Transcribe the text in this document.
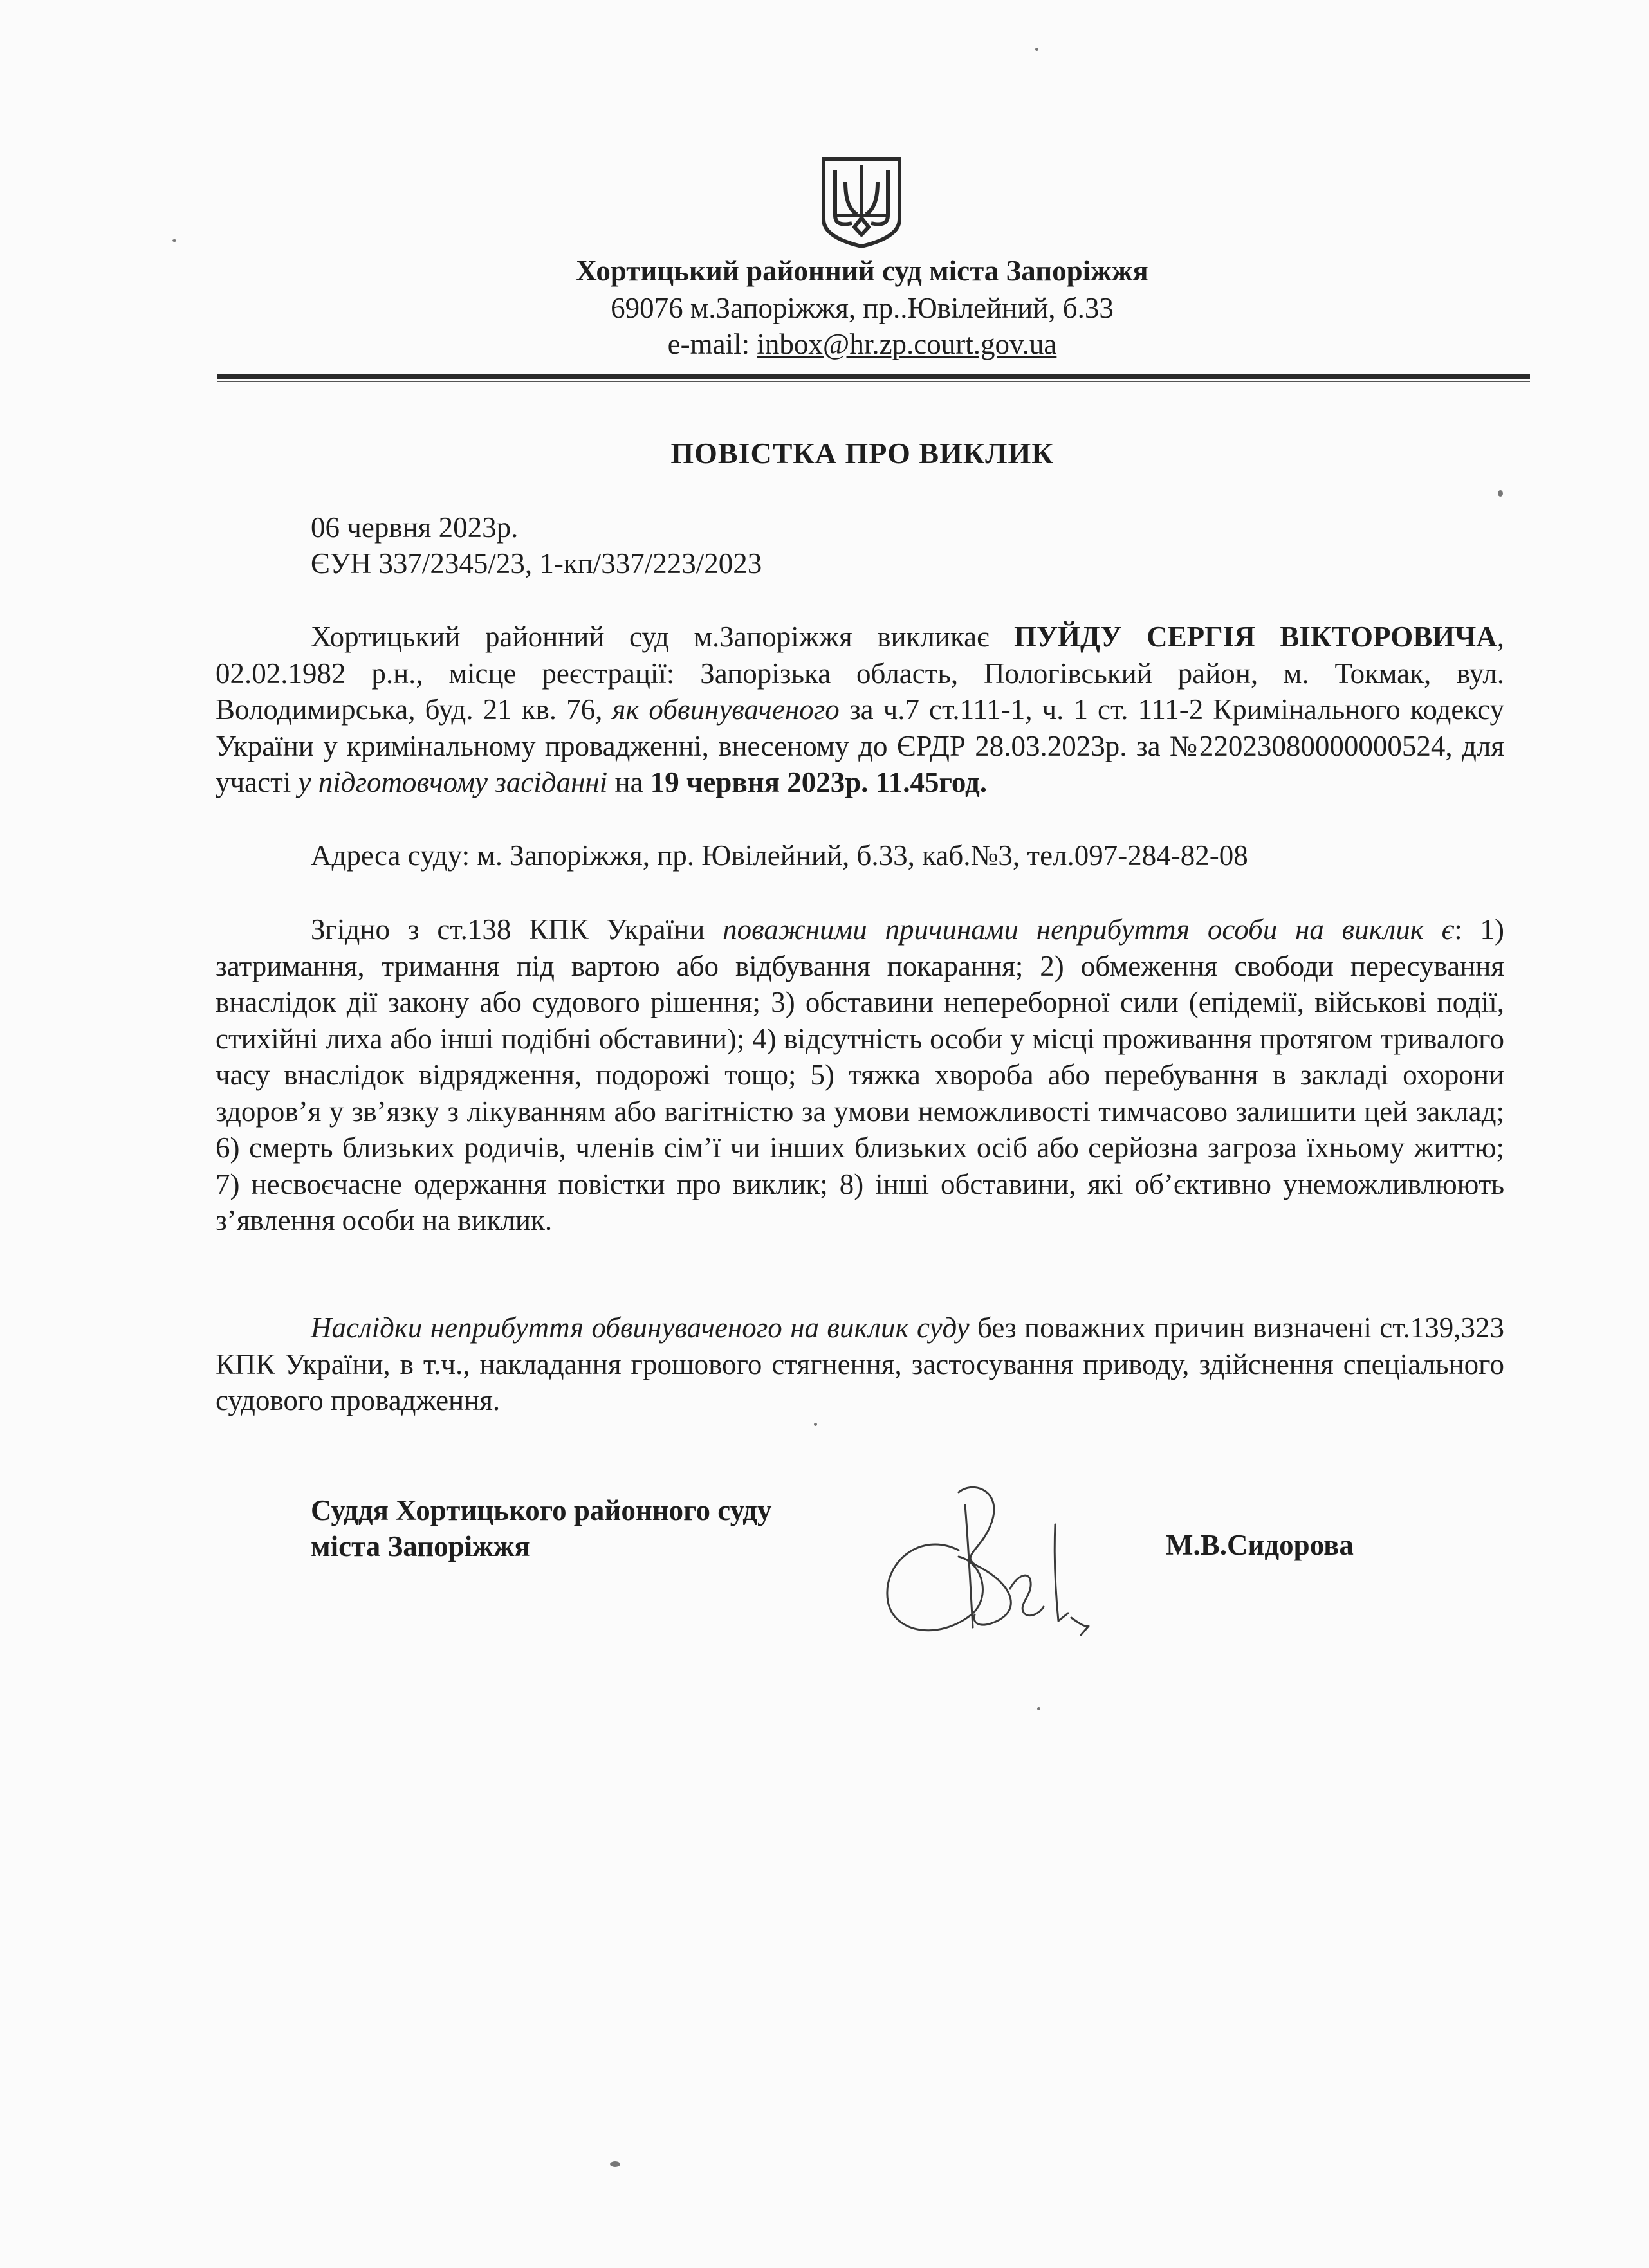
Хортицький районний суд міста Запоріжжя
69076 м.Запоріжжя, пр..Ювілейний, б.33
e-mail: inbox@hr.zp.court.gov.ua
ПОВІСТКА ПРО ВИКЛИК
06 червня 2023р.
ЄУН 337/2345/23, 1-кп/337/223/2023

Хортицький районний суд м.Запоріжжя викликає ПУЙДУ СЕРГІЯ ВІКТОРОВИЧА, 02.02.1982 р.н., місце реєстрації: Запорізька область, Пологівський район, м. Токмак, вул. Володимирська, буд. 21 кв. 76, як обвинуваченого за ч.7 ст.111-1, ч. 1 ст. 111-2 Кримінального кодексу України у кримінальному провадженні, внесеному до ЄРДР 28.03.2023р. за №22023080000000524, для участі у підготовчому засіданні на 19 червня 2023р. 11.45год.

Адреса суду: м. Запоріжжя, пр. Ювілейний, б.33, каб.№3, тел.097-284-82-08

Згідно з ст.138 КПК України поважними причинами неприбуття особи на виклик є: 1) затримання, тримання під вартою або відбування покарання; 2) обмеження свободи пересування внаслідок дії закону або судового рішення; 3) обставини непереборної сили (епідемії, військові події, стихійні лиха або інші подібні обставини); 4) відсутність особи у місці проживання протягом тривалого часу внаслідок відрядження, подорожі тощо; 5) тяжка хвороба або перебування в закладі охорони здоров’я у зв’язку з лікуванням або вагітністю за умови неможливості тимчасово залишити цей заклад; 6) смерть близьких родичів, членів сім’ї чи інших близьких осіб або серйозна загроза їхньому життю; 7) несвоєчасне одержання повістки про виклик; 8) інші обставини, які об’єктивно унеможливлюють з’явлення особи на виклик.

Наслідки неприбуття обвинуваченого на виклик суду без поважних причин визначені ст.139,323 КПК України, в т.ч., накладання грошового стягнення, застосування приводу, здійснення спеціального судового провадження.

Суддя Хортицького районного суду
міста Запоріжжя	М.В.Сидорова
